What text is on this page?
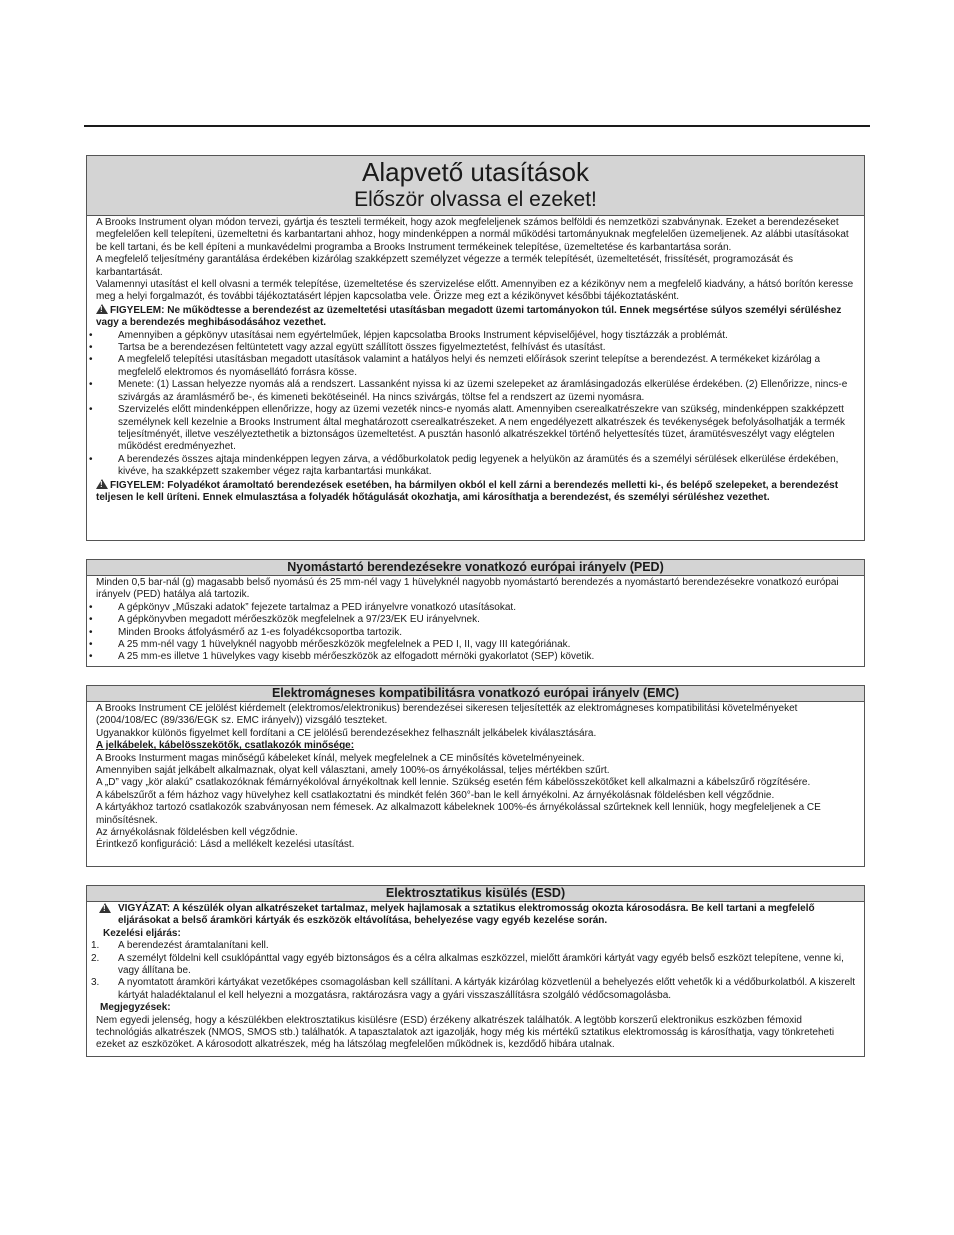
Alapvető utasítások
Először olvassa el ezeket!

A Brooks Instrument olyan módon tervezi, gyártja és teszteli termékeit, hogy azok megfeleljenek számos belföldi és nemzetközi szabványnak. Ezeket a berendezéseket megfelelően kell telepíteni, üzemeltetni és karbantartani ahhoz, hogy mindenképpen a normál működési tartományuknak megfelelően üzemeljenek. Az alábbi utasításokat be kell tartani, és be kell építeni a munkavédelmi programba a Brooks Instrument termékeinek telepítése, üzemeltetése és karbantartása során.

A megfelelő teljesítmény garantálása érdekében kizárólag szakképzett személyzet végezze a termék telepítését, üzemeltetését, frissítését, programozását és karbantartását.

Valamennyi utasítást el kell olvasni a termék telepítése, üzemeltetése és szervizelése előtt. Amennyiben ez a kézikönyv nem a megfelelő kiadvány, a hátsó borítón keresse meg a helyi forgalmazót, és további tájékoztatásért lépjen kapcsolatba vele. Őrizze meg ezt a kézikönyvet későbbi tájékoztatásként.

!FIGYELEM: Ne működtesse a berendezést az üzemeltetési utasításban megadott üzemi tartományokon túl. Ennek megsértése súlyos személyi sérüléshez vagy a berendezés meghibásodásához vezethet.

•	Amennyiben a gépkönyv utasításai nem egyértelműek, lépjen kapcsolatba Brooks Instrument képviselőjével, hogy tisztázzák a problémát.
•	Tartsa be a berendezésen feltüntetett vagy azzal együtt szállított összes figyelmeztetést, felhívást és utasítást.
•	A megfelelő telepítési utasításban megadott utasítások valamint a hatályos helyi és nemzeti előírások szerint telepítse a berendezést. A termékeket kizárólag a megfelelő elektromos és nyomásellátó forrásra kösse.
•	Menete: (1) Lassan helyezze nyomás alá a rendszert. Lassanként nyissa ki az üzemi szelepeket az áramlásingadozás elkerülése érdekében. (2) Ellenőrizze, nincs-e szivárgás az áramlásmérő be-, és kimeneti bekötéseinél. Ha nincs szivárgás, töltse fel a rendszert az üzemi nyomásra.
•	Szervizelés előtt mindenképpen ellenőrizze, hogy az üzemi vezeték nincs-e nyomás alatt. Amennyiben cserealkatrészekre van szükség, mindenképpen szakképzett személynek kell kezelnie a Brooks Instrument által meghatározott cserealkatrészeket. A nem engedélyezett alkatrészek és tevékenységek befolyásolhatják a termék teljesítményét, illetve veszélyeztethetik a biztonságos üzemeltetést. A pusztán hasonló alkatrészekkel történő helyettesítés tüzet, áramütésveszélyt vagy elégtelen működést eredményezhet.
•	A berendezés összes ajtaja mindenképpen legyen zárva, a védőburkolatok pedig legyenek a helyükön az áramütés és a személyi sérülések elkerülése érdekében, kivéve, ha szakképzett szakember végez rajta karbantartási munkákat.

!FIGYELEM: Folyadékot áramoltató berendezések esetében, ha bármilyen okból el kell zárni a berendezés melletti ki-, és belépő szelepeket, a berendezést teljesen le kell üríteni. Ennek elmulasztása a folyadék hőtágulását okozhatja, ami károsíthatja a berendezést, és személyi sérüléshez vezethet.

Nyomástartó berendezésekre vonatkozó európai irányelv (PED)

Minden 0,5 bar-nál (g) magasabb belső nyomású és 25 mm-nél vagy 1 hüvelyknél nagyobb nyomástartó berendezés a nyomástartó berendezésekre vonatkozó európai irányelv (PED) hatálya alá tartozik.

•	A gépkönyv „Műszaki adatok” fejezete tartalmaz a PED irányelvre vonatkozó utasításokat.
•	A gépkönyvben megadott mérőeszközök megfelelnek a 97/23/EK EU irányelvnek.
•	Minden Brooks átfolyásmérő az 1-es folyadékcsoportba tartozik.
•	A 25 mm-nél vagy 1 hüvelyknél nagyobb mérőeszközök megfelelnek a PED I, II, vagy III kategóriának.
•	A 25 mm-es illetve 1 hüvelykes vagy kisebb mérőeszközök az elfogadott mérnöki gyakorlatot (SEP) követik.
Elektromágneses kompatibilitásra vonatkozó európai irányelv (EMC)

A Brooks Instrument CE jelölést kiérdemelt (elektromos/elektronikus) berendezései sikeresen teljesítették az elektromágneses kompatibilitási követelményeket (2004/108/EC (89/336/EGK sz. EMC irányelv)) vizsgáló teszteket.

Ugyanakkor különös figyelmet kell fordítani a CE jelölésű berendezésekhez felhasznált jelkábelek kiválasztására.

A jelkábelek, kábelösszekötők, csatlakozók minősége:

A Brooks Insturment magas minőségű kábeleket kínál, melyek megfelelnek a CE minősítés követelményeinek.

Amennyiben saját jelkábelt alkalmaznak, olyat kell választani, amely 100%-os árnyékolással, teljes mértékben szűrt.

A „D” vagy „kör alakú” csatlakozóknak fémárnyékolóval árnyékoltnak kell lennie. Szükség esetén fém kábelösszekötőket kell alkalmazni a kábelszűrő rögzítésére.

A kábelszűrőt a fém házhoz vagy hüvelyhez kell csatlakoztatni és mindkét felén 360°-ban le kell árnyékolni. Az árnyékolásnak földelésben kell végződnie.

A kártyákhoz tartozó csatlakozók szabványosan nem fémesek. Az alkalmazott kábeleknek 100%-és árnyékolással szűrteknek kell lenniük, hogy megfeleljenek a CE minősítésnek.

Az árnyékolásnak földelésben kell végződnie.

Érintkező konfiguráció: Lásd a mellékelt kezelési utasítást.

Elektrosztatikus kisülés (ESD)
!
VIGYÁZAT: A készülék olyan alkatrészeket tartalmaz, melyek hajlamosak a sztatikus elektromosság okozta károsodásra. Be kell tartani a megfelelő eljárásokat a belső áramköri kártyák és eszközök eltávolítása, behelyezése vagy egyéb kezelése során.

Kezelési eljárás:

1.	A berendezést áramtalanítani kell.
2.	A személyt földelni kell csuklópánttal vagy egyéb biztonságos és a célra alkalmas eszközzel, mielőtt áramköri kártyát vagy egyéb belső eszközt telepítene, venne ki, vagy állítana be.
3.	A nyomtatott áramköri kártyákat vezetőképes csomagolásban kell szállítani. A kártyák kizárólag közvetlenül a behelyezés előtt vehetők ki a védőburkolatból. A kiszerelt kártyát haladéktalanul el kell helyezni a mozgatásra, raktározásra vagy a gyári visszaszállításra szolgáló védőcsomagolásba.

Megjegyzések:

Nem egyedi jelenség, hogy a készülékben elektrosztatikus kisülésre (ESD) érzékeny alkatrészek találhatók. A legtöbb korszerű elektronikus eszközben fémoxid technológiás alkatrészek (NMOS, SMOS stb.) találhatók. A tapasztalatok azt igazolják, hogy még kis mértékű sztatikus elektromosság is károsíthatja, vagy tönkreteheti ezeket az eszközöket. A károsodott alkatrészek, még ha látszólag megfelelően működnek is, kezdődő hibára utalnak.
